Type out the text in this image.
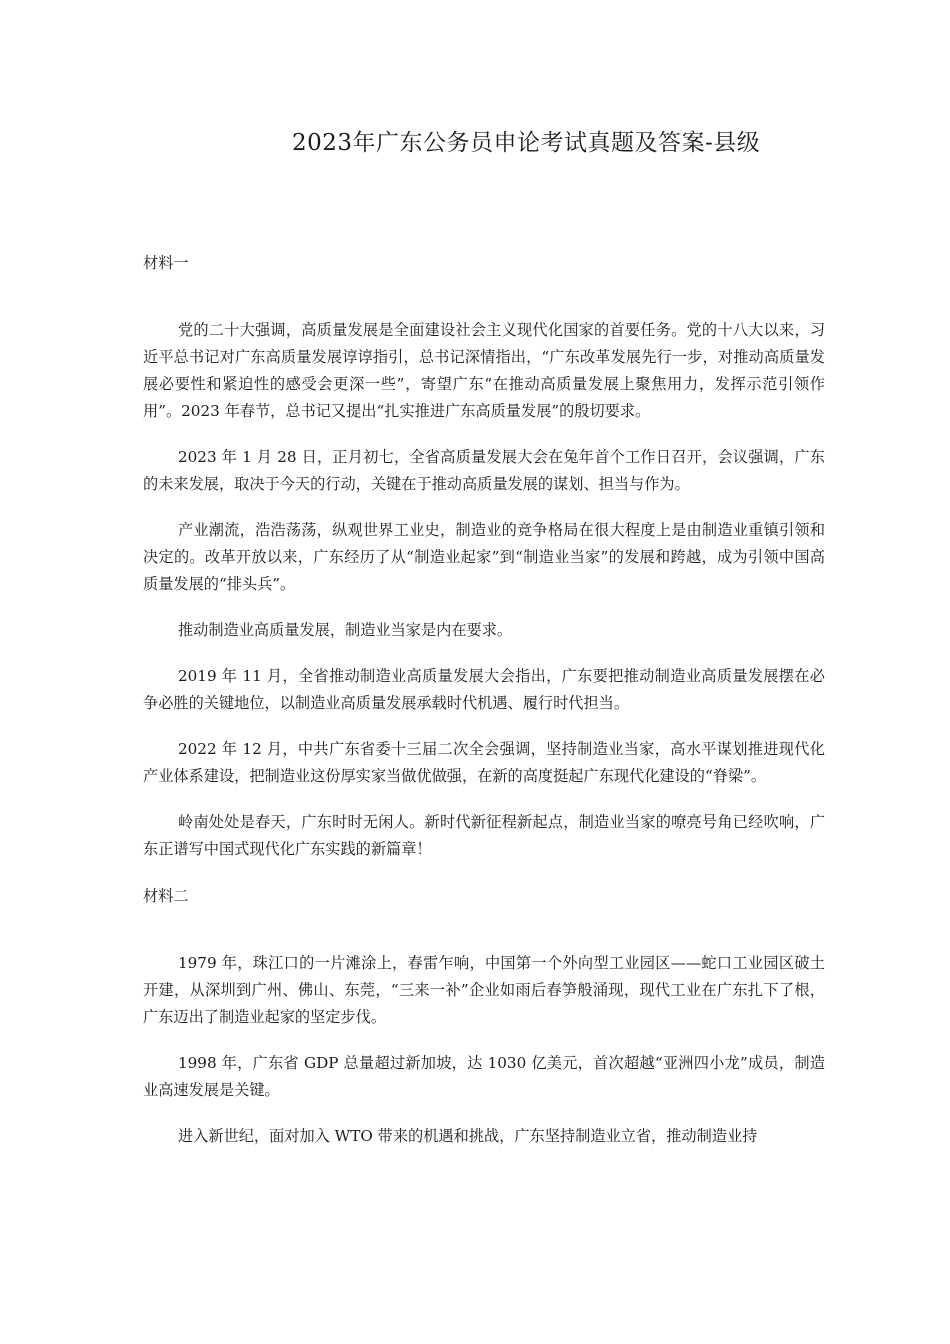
2023年广东公务员申论考试真题及答案-县级

材料一

党的二十大强调，高质量发展是全面建设社会主义现代化国家的首要任务。党的十八大以来，习近平总书记对广东高质量发展谆谆指引，总书记深情指出，“广东改革发展先行一步，对推动高质量发展必要性和紧迫性的感受会更深一些”，寄望广东“在推动高质量发展上聚焦用力，发挥示范引领作用”。2023 年春节，总书记又提出“扎实推进广东高质量发展”的殷切要求。

2023 年 1 月 28 日，正月初七，全省高质量发展大会在兔年首个工作日召开，会议强调，广东的未来发展，取决于今天的行动，关键在于推动高质量发展的谋划、担当与作为。

产业潮流，浩浩荡荡，纵观世界工业史，制造业的竞争格局在很大程度上是由制造业重镇引领和决定的。改革开放以来，广东经历了从“制造业起家”到“制造业当家”的发展和跨越，成为引领中国高质量发展的“排头兵”。

推动制造业高质量发展，制造业当家是内在要求。

2019 年 11 月，全省推动制造业高质量发展大会指出，广东要把推动制造业高质量发展摆在必争必胜的关键地位，以制造业高质量发展承载时代机遇、履行时代担当。

2022 年 12 月，中共广东省委十三届二次全会强调，坚持制造业当家，高水平谋划推进现代化产业体系建设，把制造业这份厚实家当做优做强，在新的高度挺起广东现代化建设的“脊梁”。

岭南处处是春天，广东时时无闲人。新时代新征程新起点，制造业当家的嘹亮号角已经吹响，广东正谱写中国式现代化广东实践的新篇章！

材料二

1979 年，珠江口的一片滩涂上，春雷乍响，中国第一个外向型工业园区——蛇口工业园区破土开建，从深圳到广州、佛山、东莞，“三来一补”企业如雨后春笋般涌现，现代工业在广东扎下了根，广东迈出了制造业起家的坚定步伐。

1998 年，广东省 GDP 总量超过新加坡，达 1030 亿美元，首次超越“亚洲四小龙”成员，制造业高速发展是关键。

进入新世纪，面对加入 WTO 带来的机遇和挑战，广东坚持制造业立省，推动制造业持
